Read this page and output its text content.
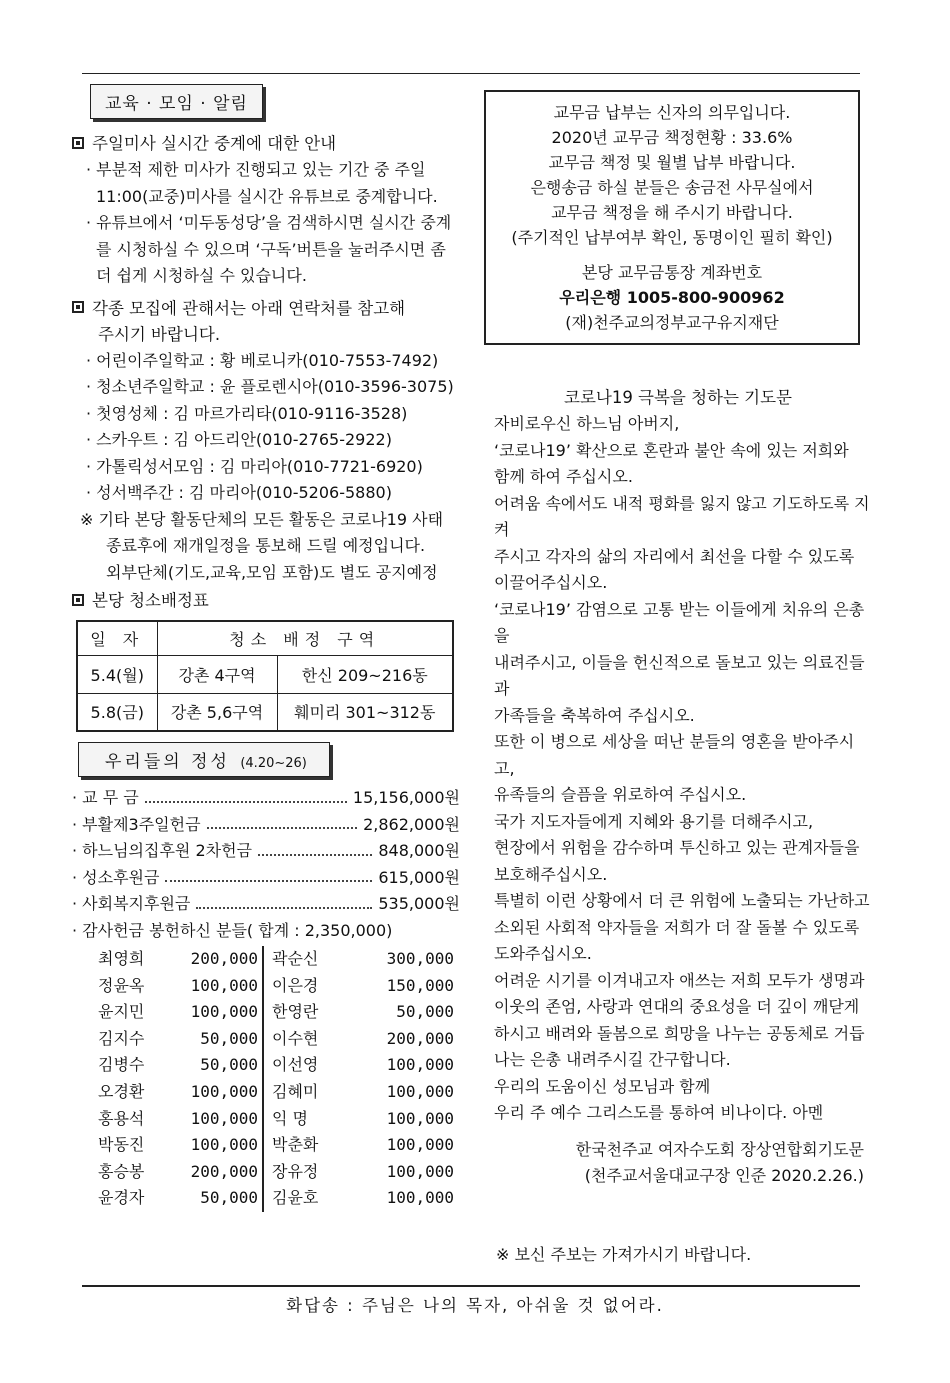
교육 · 모임 · 알림
주일미사 실시간 중계에 대한 안내
· 부분적 제한 미사가 진행되고 있는 기간 중 주일 11:00(교중)미사를 실시간 유튜브로 중계합니다.
· 유튜브에서 ‘미두동성당’을 검색하시면 실시간 중계를 시청하실 수 있으며 ‘구독’버튼을 눌러주시면 좀 더 쉽게 시청하실 수 있습니다.
각종 모집에 관해서는 아래 연락처를 참고해
주시기 바랍니다.
· 어린이주일학교 : 황 베로니카(010-7553-7492)
· 청소년주일학교 : 윤 플로렌시아(010-3596-3075)
· 첫영성체 : 김 마르가리타(010-9116-3528)
· 스카우트 : 김 아드리안(010-2765-2922)
· 가톨릭성서모임 : 김 마리아(010-7721-6920)
· 성서백주간 : 김 마리아(010-5206-5880)
※ 기타 본당 활동단체의 모든 활동은 코로나19 사태
종료후에 재개일정을 통보해 드릴 예정입니다.
외부단체(기도,교육,모임 포함)도 별도 공지예정
본당 청소배정표
일 자	청소 배정 구역	
5.4(월)	강촌 4구역	한신 209~216동
5.8(금)	강촌 5,6구역	훼미리 301~312동
우리들의 정성 (4.20~26)
· 교 무 금	15,156,000원
· 부활제3주일헌금	2,862,000원
· 하느님의집후원 2차헌금	848,000원
· 성소후원금	615,000원
· 사회복지후원금	535,000원
· 감사헌금 봉헌하신 분들( 합계 : 2,350,000)
최영희	200,000 곽순신	300,000
정윤옥	100,000 이은경	150,000
윤지민	100,000 한영란	50,000
김지수	50,000 이수현	200,000
김병수	50,000 이선영	100,000
오경환	100,000 김혜미	100,000
홍용석	100,000 익 명	100,000
박동진	100,000 박춘화	100,000
홍승봉	200,000 장유정	100,000
윤경자	50,000 김윤호	100,000
교무금 납부는 신자의 의무입니다.
2020년 교무금 책정현황 : 33.6%
교무금 책정 및 월별 납부 바랍니다.
은행송금 하실 분들은 송금전 사무실에서
교무금 책정을 해 주시기 바랍니다.
(주기적인 납부여부 확인, 동명이인 필히 확인)
본당 교무금통장 계좌번호
우리은행 1005-800-900962
(재)천주교의정부교구유지재단
코로나19 극복을 청하는 기도문

자비로우신 하느님 아버지,

‘코로나19’ 확산으로 혼란과 불안 속에 있는 저희와

함께 하여 주십시오.

어려움 속에서도 내적 평화를 잃지 않고 기도하도록 지켜

주시고 각자의 삶의 자리에서 최선을 다할 수 있도록

이끌어주십시오.

‘코로나19’ 감염으로 고통 받는 이들에게 치유의 은총을

내려주시고, 이들을 헌신적으로 돌보고 있는 의료진들과

가족들을 축복하여 주십시오.

또한 이 병으로 세상을 떠난 분들의 영혼을 받아주시고,

유족들의 슬픔을 위로하여 주십시오.

국가 지도자들에게 지혜와 용기를 더해주시고,

현장에서 위험을 감수하며 투신하고 있는 관계자들을

보호해주십시오.

특별히 이런 상황에서 더 큰 위험에 노출되는 가난하고

소외된 사회적 약자들을 저희가 더 잘 돌볼 수 있도록

도와주십시오.

어려운 시기를 이겨내고자 애쓰는 저희 모두가 생명과

이웃의 존엄, 사랑과 연대의 중요성을 더 깊이 깨닫게

하시고 배려와 돌봄으로 희망을 나누는 공동체로 거듭

나는 은총 내려주시길 간구합니다.

우리의 도움이신 성모님과 함께

우리 주 예수 그리스도를 통하여 비나이다. 아멘

한국천주교 여자수도회 장상연합회기도문
(천주교서울대교구장 인준 2020.2.26.)
※ 보신 주보는 가져가시기 바랍니다.
화답송 : 주님은 나의 목자, 아쉬울 것 없어라.
